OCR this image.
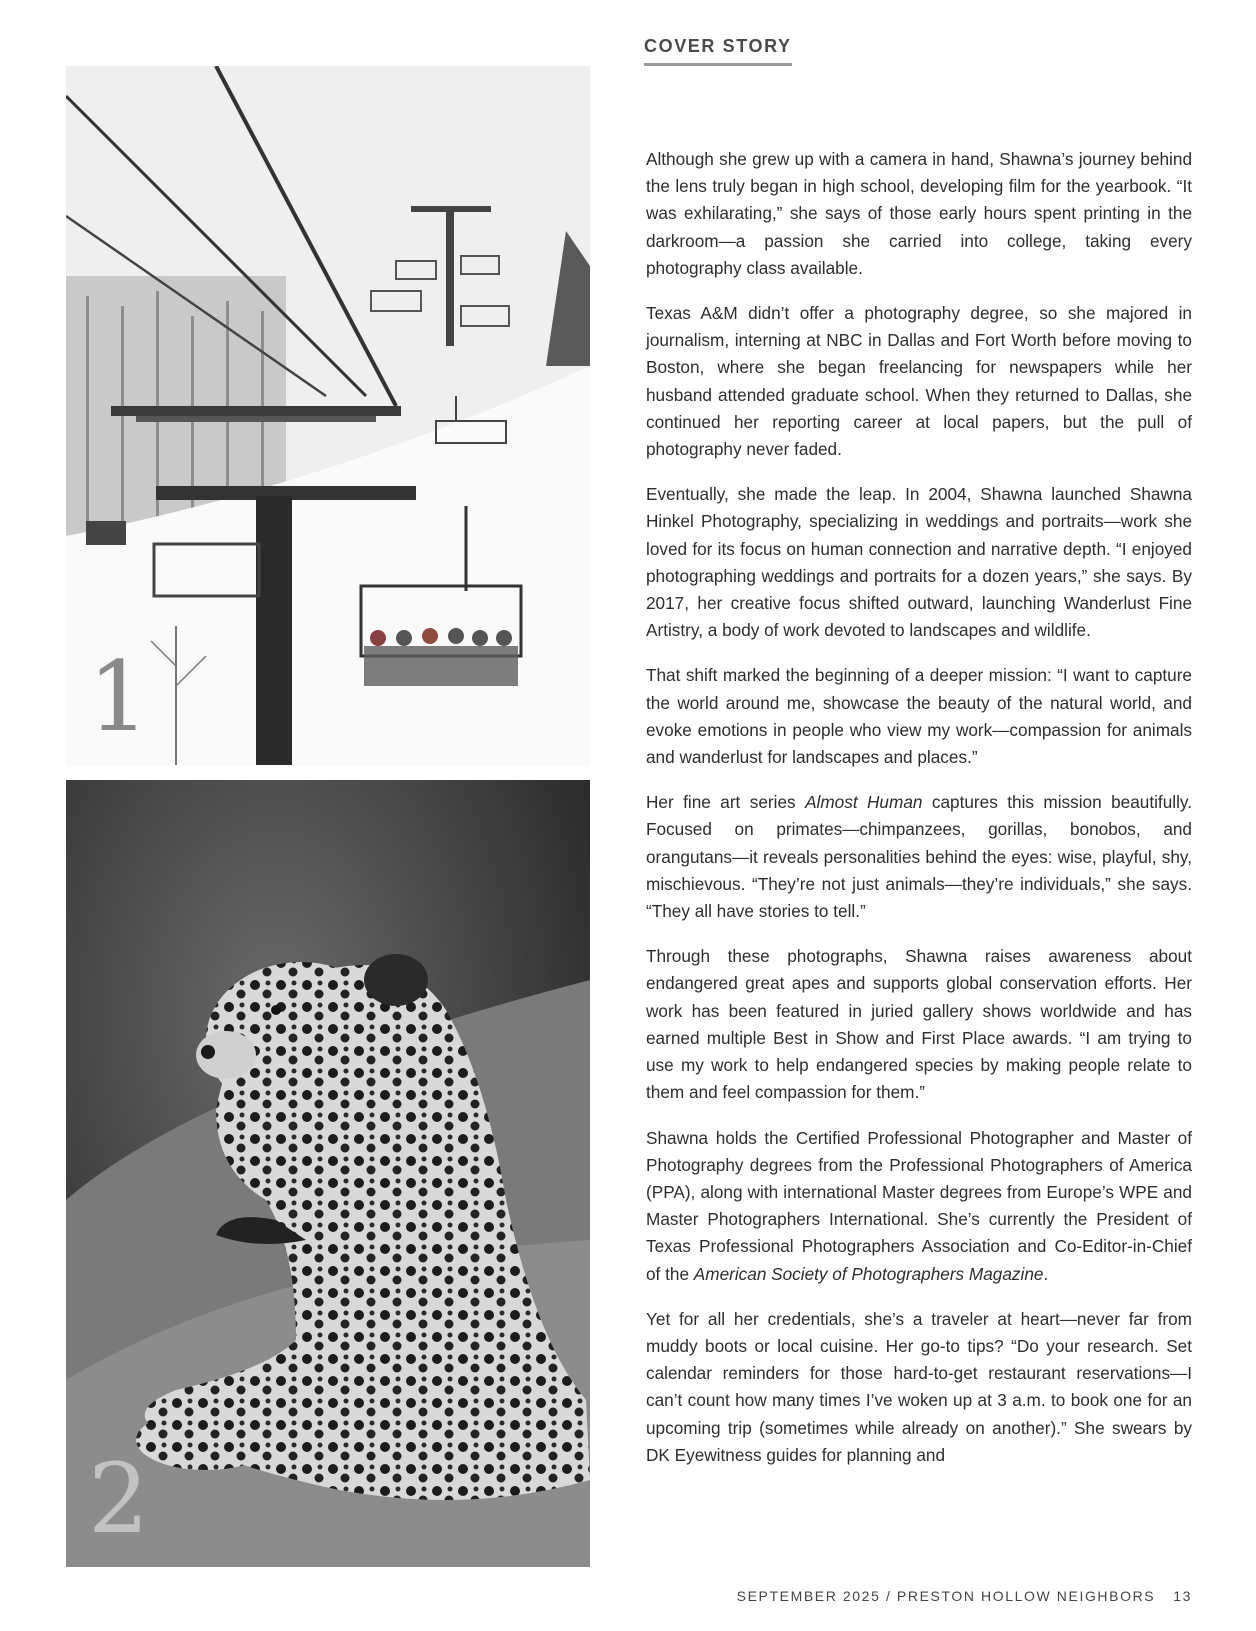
COVER STORY
1
2

Although she grew up with a camera in hand, Shawna’s journey behind the lens truly began in high school, developing film for the yearbook. “It was exhilarating,” she says of those early hours spent printing in the darkroom—a passion she carried into college, taking every photography class available.

Texas A&M didn’t offer a photography degree, so she majored in journalism, interning at NBC in Dallas and Fort Worth before moving to Boston, where she began freelancing for newspapers while her husband attended graduate school. When they returned to Dallas, she continued her reporting career at local papers, but the pull of photography never faded.

Eventually, she made the leap. In 2004, Shawna launched Shawna Hinkel Photography, specializing in weddings and portraits—work she loved for its focus on human connection and narrative depth. “I enjoyed photographing weddings and portraits for a dozen years,” she says. By 2017, her creative focus shifted outward, launching Wanderlust Fine Artistry, a body of work devoted to landscapes and wildlife.

That shift marked the beginning of a deeper mission: “I want to capture the world around me, showcase the beauty of the natural world, and evoke emotions in people who view my work—compassion for animals and wanderlust for landscapes and places.”

Her fine art series Almost Human captures this mission beautifully. Focused on primates—chimpanzees, gorillas, bonobos, and orangutans—it reveals personalities behind the eyes: wise, playful, shy, mischievous. “They’re not just animals—they’re individuals,” she says. “They all have stories to tell.”

Through these photographs, Shawna raises awareness about endangered great apes and supports global conservation efforts. Her work has been featured in juried gallery shows worldwide and has earned multiple Best in Show and First Place awards. “I am trying to use my work to help endangered species by making people relate to them and feel compassion for them.”

Shawna holds the Certified Professional Photographer and Master of Photography degrees from the Professional Photographers of America (PPA), along with international Master degrees from Europe’s WPE and Master Photographers International. She’s currently the President of Texas Professional Photographers Association and Co-Editor-in-Chief of the American Society of Photographers Magazine.

Yet for all her credentials, she’s a traveler at heart—never far from muddy boots or local cuisine. Her go-to tips? “Do your research. Set calendar reminders for those hard-to-get restaurant reservations—I can’t count how many times I’ve woken up at 3 a.m. to book one for an upcoming trip (sometimes while already on another).” She swears by DK Eyewitness guides for planning and

SEPTEMBER 2025 / PRESTON HOLLOW NEIGHBORS 13
